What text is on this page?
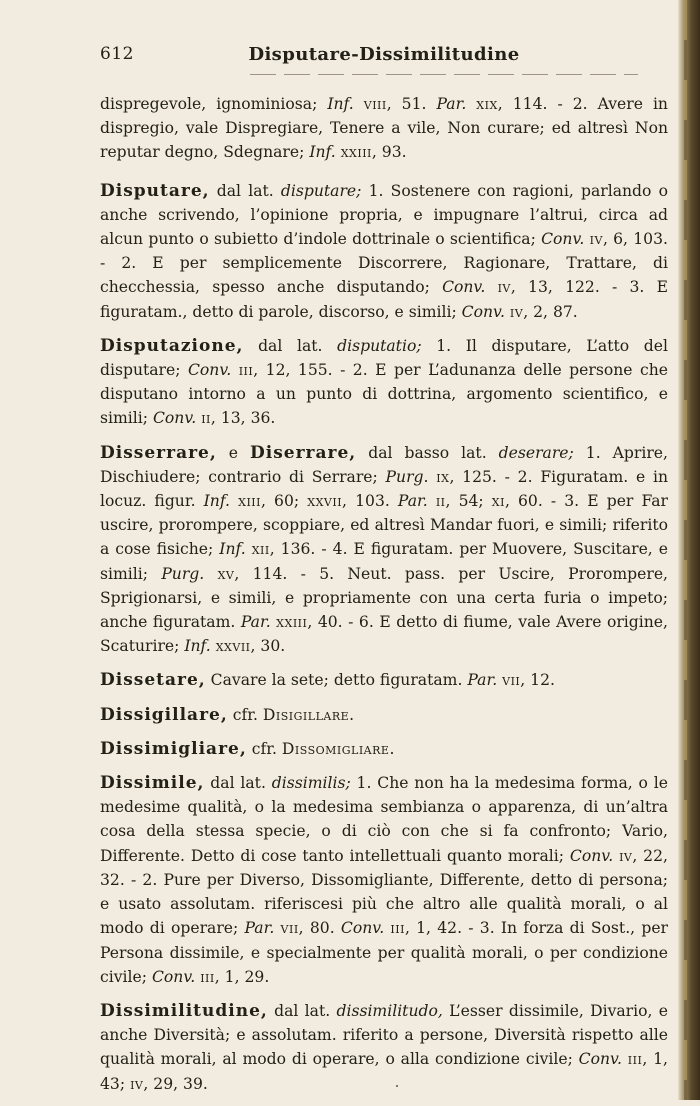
612	Disputare-Dissimilitudine

dispregevole, ignominiosa; Inf. viii, 51. Par. xix, 114. - 2. Avere in dispregio, vale Dispregiare, Tenere a vile, Non curare; ed altresì Non reputar degno, Sdegnare; Inf. xxiii, 93.

Disputare, dal lat. disputare; 1. Sostenere con ragioni, parlando o anche scrivendo, l’opinione propria, e impugnare l’altrui, circa ad alcun punto o subietto d’indole dottrinale o scientifica; Conv. iv, 6, 103. - 2. E per semplicemente Discorrere, Ragionare, Trattare, di checchessia, spesso anche disputando; Conv. iv, 13, 122. - 3. E figuratam., detto di parole, discorso, e simili; Conv. iv, 2, 87.

Disputazione, dal lat. disputatio; 1. Il disputare, L’atto del disputare; Conv. iii, 12, 155. - 2. E per L’adunanza delle persone che disputano intorno a un punto di dottrina, argomento scientifico, e simili; Conv. ii, 13, 36.

Disserrare, e Diserrare, dal basso lat. deserare; 1. Aprire, Dischiudere; contrario di Serrare; Purg. ix, 125. - 2. Figuratam. e in locuz. figur. Inf. xiii, 60; xxvii, 103. Par. ii, 54; xi, 60. - 3. E per Far uscire, prorompere, scoppiare, ed altresì Mandar fuori, e simili; riferito a cose fisiche; Inf. xii, 136. - 4. E figuratam. per Muovere, Suscitare, e simili; Purg. xv, 114. - 5. Neut. pass. per Uscire, Prorompere, Sprigionarsi, e simili, e propriamente con una certa furia o impeto; anche figuratam. Par. xxiii, 40. - 6. E detto di fiume, vale Avere origine, Scaturire; Inf. xxvii, 30.

Dissetare, Cavare la sete; detto figuratam. Par. vii, 12.

Dissigillare, cfr. Disigillare.

Dissimigliare, cfr. Dissomigliare.

Dissimile, dal lat. dissimilis; 1. Che non ha la medesima forma, o le medesime qualità, o la medesima sembianza o apparenza, di un’altra cosa della stessa specie, o di ciò con che si fa confronto; Vario, Differente. Detto di cose tanto intellettuali quanto morali; Conv. iv, 22, 32. - 2. Pure per Diverso, Dissomigliante, Differente, detto di persona; e usato assolutam. riferiscesi più che altro alle qualità morali, o al modo di operare; Par. vii, 80. Conv. iii, 1, 42. - 3. In forza di Sost., per Persona dissimile, e specialmente per qualità morali, o per condizione civile; Conv. iii, 1, 29.

Dissimilitudine, dal lat. dissimilitudo, L’esser dissimile, Divario, e anche Diversità; e assolutam. riferito a persone, Diversità rispetto alle qualità morali, al modo di operare, o alla condizione civile; Conv. iii, 1, 43; iv, 29, 39.
